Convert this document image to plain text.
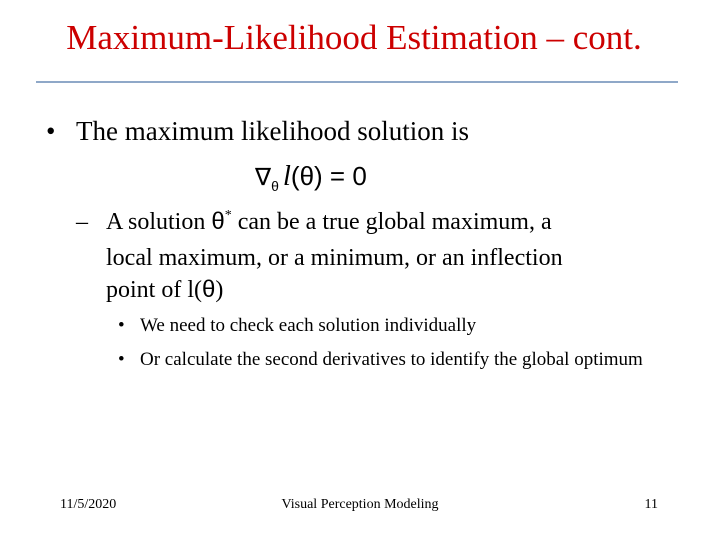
Maximum-Likelihood Estimation – cont.
• The maximum likelihood solution is
$\nabla_\theta$ l(θ) = 0
– A solution θ* can be a true global maximum, a
local maximum, or a minimum, or an inflection
point of l(θ)
• We need to check each solution individually
• Or calculate the second derivatives to identify the global optimum
11/5/2020	Visual Perception Modeling	11
